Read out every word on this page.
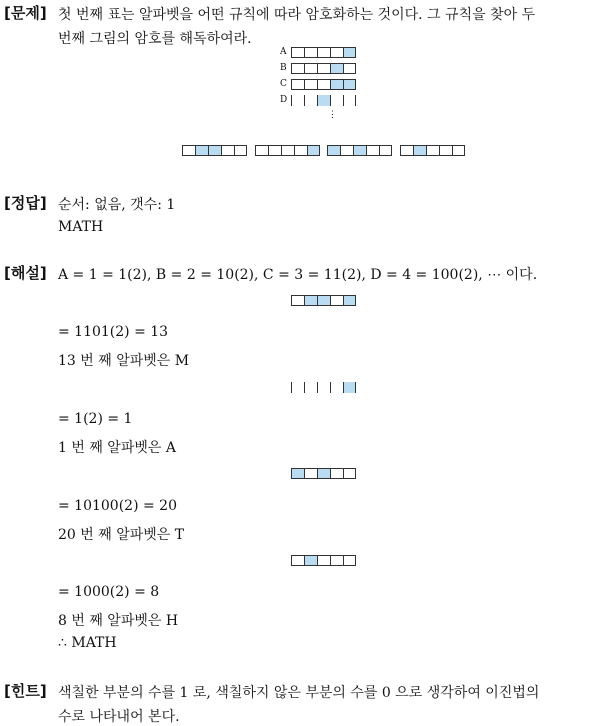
[문제] 첫 번째 표는 알파벳을 어떤 규칙에 따라 암호화하는 것이다. 그 규칙을 찾아 두
번째 그림의 암호를 해독하여라.
A
B
C
D
⋮
[정답] 순서: 없음, 갯수: 1
MATH
[해설] A = 1 = 1(2), B = 2 = 10(2), C = 3 = 11(2), D = 4 = 100(2), ⋯ 이다.
= 1101(2) = 13
13 번 째 알파벳은 M
= 1(2) = 1
1 번 째 알파벳은 A
= 10100(2) = 20
20 번 째 알파벳은 T
= 1000(2) = 8
8 번 째 알파벳은 H
∴ MATH
[힌트] 색칠한 부분의 수를 1 로, 색칠하지 않은 부분의 수를 0 으로 생각하여 이진법의
수로 나타내어 본다.
